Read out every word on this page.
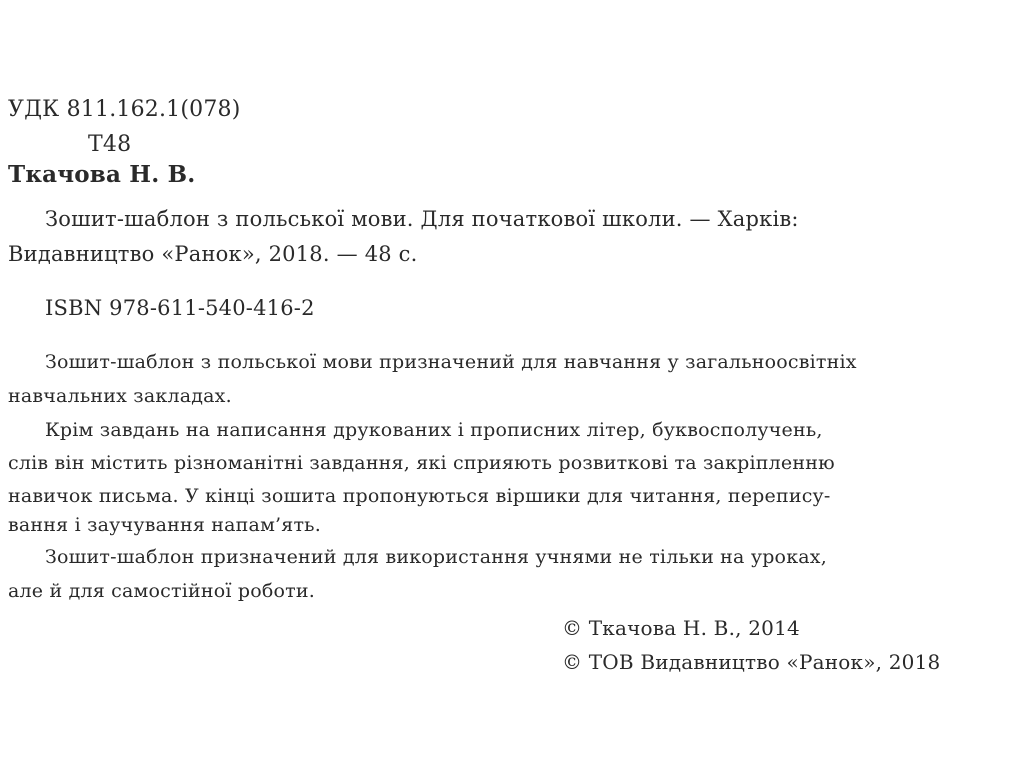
УДК 811.162.1(078)
Т48
Ткачова Н. В.
Зошит-шаблон з польської мови. Для початкової школи. — Харків:
Видавництво «Ранок», 2018. — 48 с.
ISBN 978-611-540-416-2
Зошит-шаблон з польської мови призначений для навчання у загальноосвітніх
навчальних закладах.
Крім завдань на написання друкованих і прописних літер, буквосполучень,
слів він містить різноманітні завдання, які сприяють розвиткові та закріпленню
навичок письма. У кінці зошита пропонуються віршики для читання, перепису-
вання і заучування напам’ять.
Зошит-шаблон призначений для використання учнями не тільки на уроках,
але й для самостійної роботи.
© Ткачова Н. В., 2014
© ТОВ Видавництво «Ранок», 2018
